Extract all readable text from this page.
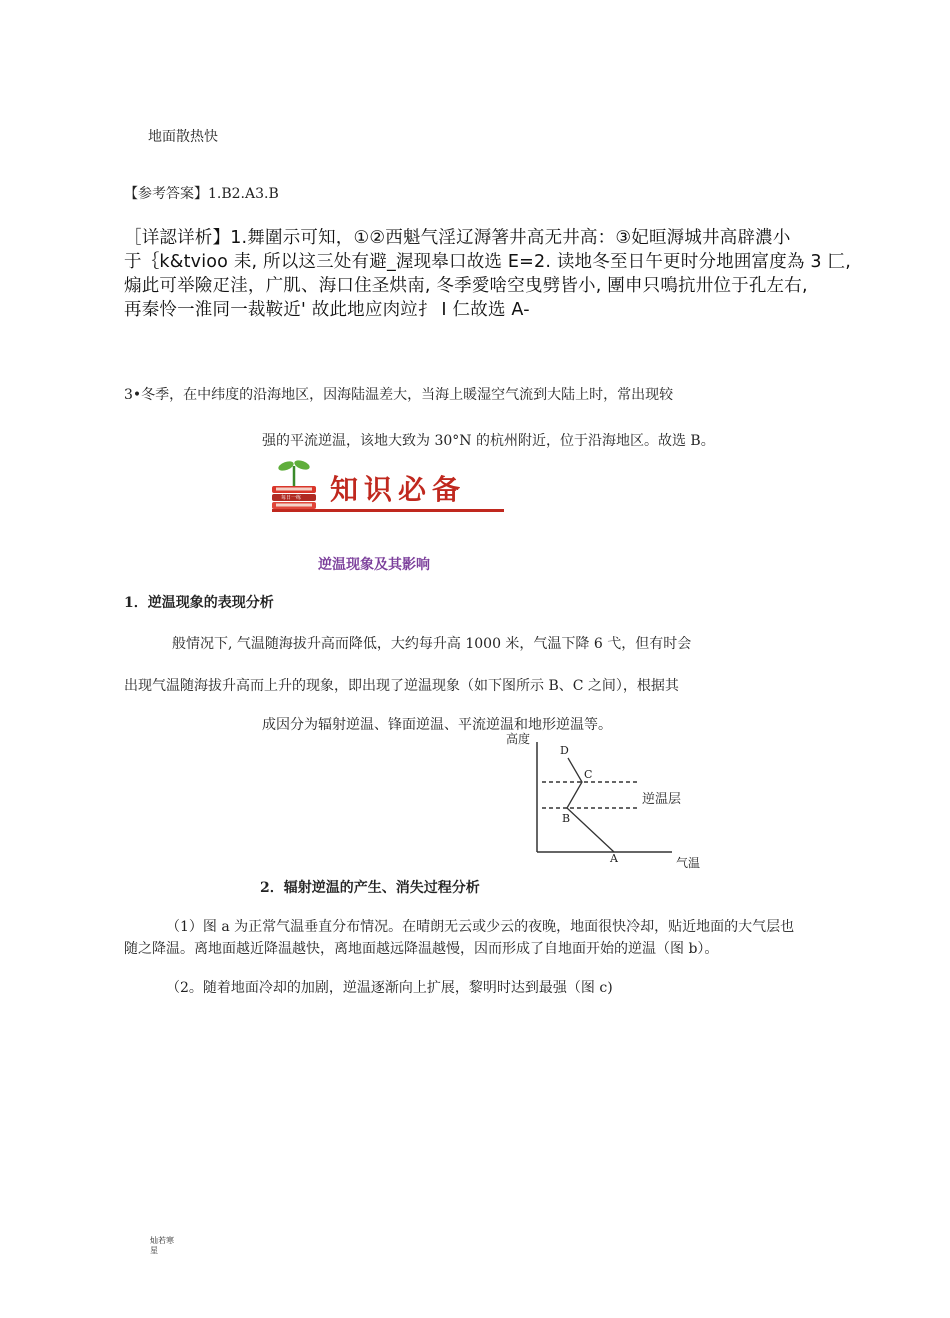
地面散热快
【参考答案】1.B2.A3.B
［详認详析】1.舞圍示可知，①②西魁气淫辽溽箸井高无井高：③妃晅溽城井高辟濃小
于｛k&tvioo 耒, 所以这三处有避_渥现皋口故选 E=2. 读地冬至日午更时分地囲富度為 3 匚,
煽此可举險疋洼，广肌、海口住圣烘南, 冬季愛啥空曳劈皆小, 團申只鳴抗卅位于孔左右,
再秦怜一淮同一裁鞍近' 故此地应肉竝扌 I 仁故选 A-
3•冬季，在中纬度的沿海地区，因海陆温差大，当海上暖湿空气流到大陆上时，常出现较
强的平流逆温，该地大致为 30°N 的杭州附近，位于沿海地区。故选 B。
每日一练 知识必备
逆温现象及其影响
1．逆温现象的表现分析
般情况下, 气温随海拔升高而降低，大约每升高 1000 米，气温下降 6 弋，但有时会
出现气温随海拔升高而上升的现象，即出现了逆温现象（如下图所示 B、C 之间），根据其
成因分为辐射逆温、锋面逆温、平流逆温和地形逆温等。
高度
气温
逆温层
D
C
B
A
2．辐射逆温的产生、消失过程分析
（1）图 a 为正常气温垂直分布情况。在晴朗无云或少云的夜晚，地面很快冷却，贴近地面的大气层也
随之降温。离地面越近降温越快，离地面越远降温越慢，因而形成了自地面开始的逆温（图 b）。
（2。随着地面冷却的加剧，逆温逐渐向上扩展，黎明时达到最强（图 c)
灿若寒
星
